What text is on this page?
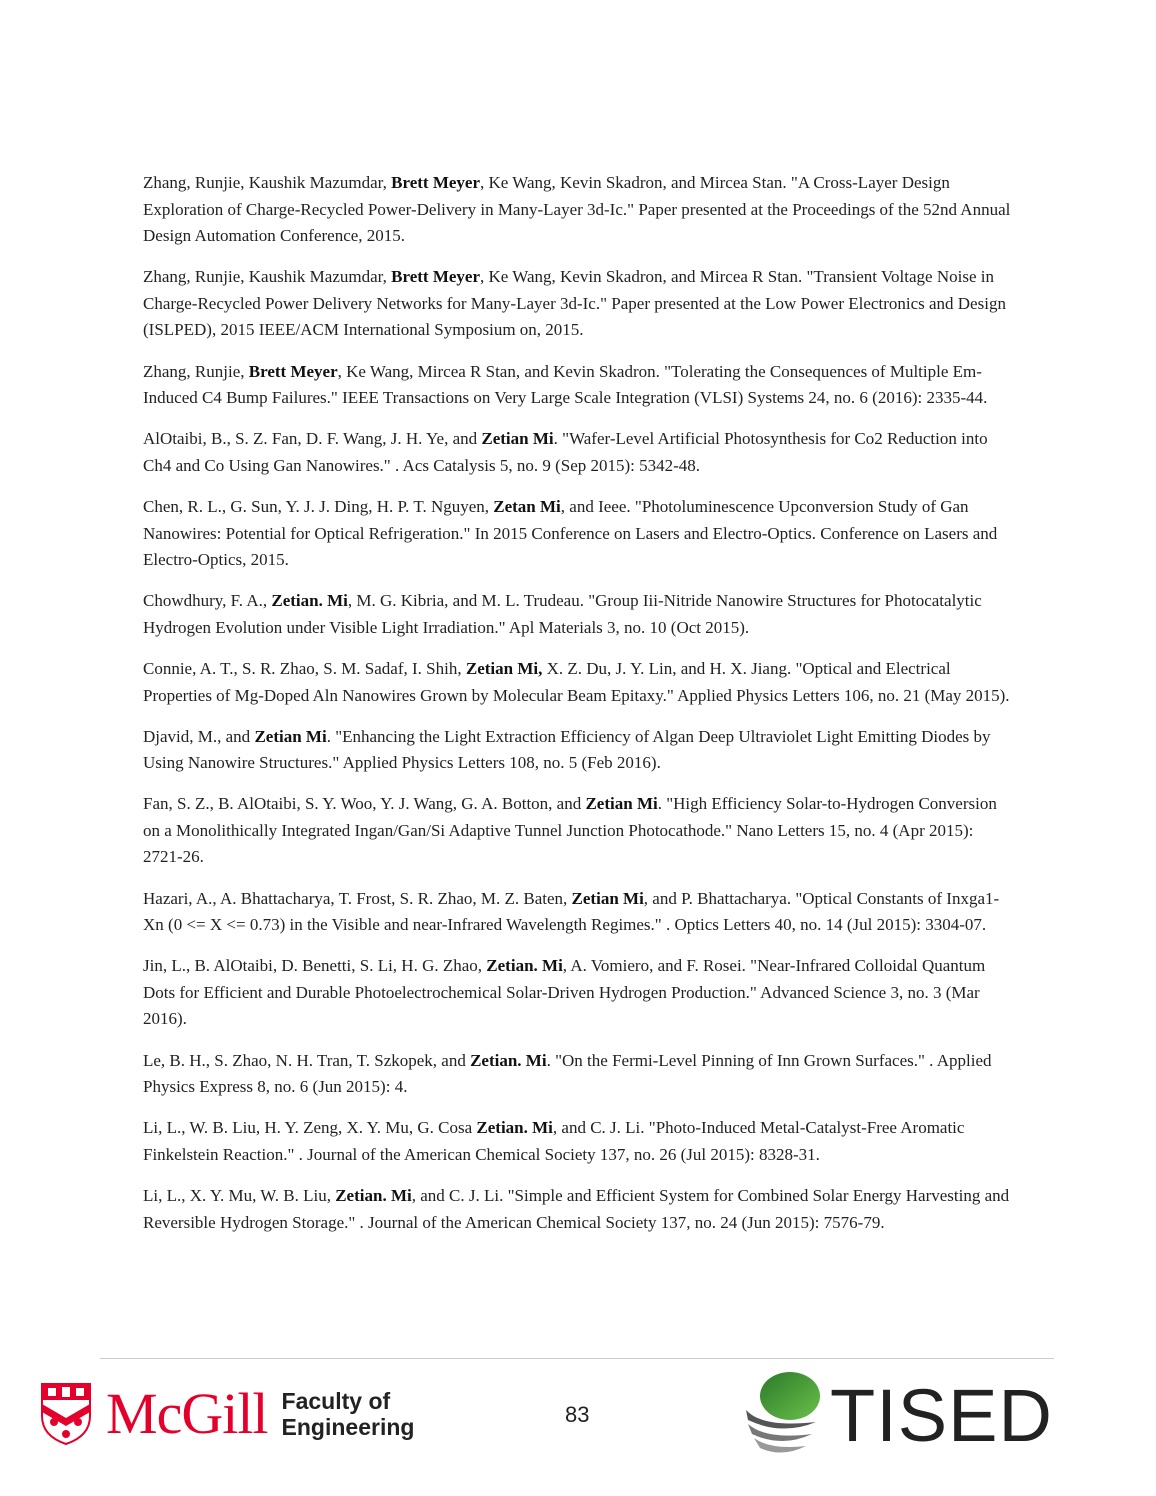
Zhang, Runjie, Kaushik Mazumdar, Brett Meyer, Ke Wang, Kevin Skadron, and Mircea Stan. "A Cross-Layer Design Exploration of Charge-Recycled Power-Delivery in Many-Layer 3d-Ic." Paper presented at the Proceedings of the 52nd Annual Design Automation Conference, 2015.

Zhang, Runjie, Kaushik Mazumdar, Brett Meyer, Ke Wang, Kevin Skadron, and Mircea R Stan. "Transient Voltage Noise in Charge-Recycled Power Delivery Networks for Many-Layer 3d-Ic." Paper presented at the Low Power Electronics and Design (ISLPED), 2015 IEEE/ACM International Symposium on, 2015.

Zhang, Runjie, Brett Meyer, Ke Wang, Mircea R Stan, and Kevin Skadron. "Tolerating the Consequences of Multiple Em-Induced C4 Bump Failures." IEEE Transactions on Very Large Scale Integration (VLSI) Systems 24, no. 6 (2016): 2335-44.

AlOtaibi, B., S. Z. Fan, D. F. Wang, J. H. Ye, and Zetian Mi. "Wafer-Level Artificial Photosynthesis for Co2 Reduction into Ch4 and Co Using Gan Nanowires." . Acs Catalysis 5, no. 9 (Sep 2015): 5342-48.

Chen, R. L., G. Sun, Y. J. J. Ding, H. P. T. Nguyen, Zetan Mi, and Ieee. "Photoluminescence Upconversion Study of Gan Nanowires: Potential for Optical Refrigeration." In 2015 Conference on Lasers and Electro-Optics. Conference on Lasers and Electro-Optics, 2015.

Chowdhury, F. A., Zetian. Mi, M. G. Kibria, and M. L. Trudeau. "Group Iii-Nitride Nanowire Structures for Photocatalytic Hydrogen Evolution under Visible Light Irradiation." Apl Materials 3, no. 10 (Oct 2015).

Connie, A. T., S. R. Zhao, S. M. Sadaf, I. Shih, Zetian Mi, X. Z. Du, J. Y. Lin, and H. X. Jiang. "Optical and Electrical Properties of Mg-Doped Aln Nanowires Grown by Molecular Beam Epitaxy." Applied Physics Letters 106, no. 21 (May 2015).

Djavid, M., and Zetian Mi. "Enhancing the Light Extraction Efficiency of Algan Deep Ultraviolet Light Emitting Diodes by Using Nanowire Structures." Applied Physics Letters 108, no. 5 (Feb 2016).

Fan, S. Z., B. AlOtaibi, S. Y. Woo, Y. J. Wang, G. A. Botton, and Zetian Mi. "High Efficiency Solar-to-Hydrogen Conversion on a Monolithically Integrated Ingan/Gan/Si Adaptive Tunnel Junction Photocathode." Nano Letters 15, no. 4 (Apr 2015): 2721-26.

Hazari, A., A. Bhattacharya, T. Frost, S. R. Zhao, M. Z. Baten, Zetian Mi, and P. Bhattacharya. "Optical Constants of Inxga1-Xn (0 <= X <= 0.73) in the Visible and near-Infrared Wavelength Regimes." . Optics Letters 40, no. 14 (Jul 2015): 3304-07.

Jin, L., B. AlOtaibi, D. Benetti, S. Li, H. G. Zhao, Zetian. Mi, A. Vomiero, and F. Rosei. "Near-Infrared Colloidal Quantum Dots for Efficient and Durable Photoelectrochemical Solar-Driven Hydrogen Production." Advanced Science 3, no. 3 (Mar 2016).

Le, B. H., S. Zhao, N. H. Tran, T. Szkopek, and Zetian. Mi. "On the Fermi-Level Pinning of Inn Grown Surfaces." . Applied Physics Express 8, no. 6 (Jun 2015): 4.

Li, L., W. B. Liu, H. Y. Zeng, X. Y. Mu, G. Cosa Zetian. Mi, and C. J. Li. "Photo-Induced Metal-Catalyst-Free Aromatic Finkelstein Reaction." . Journal of the American Chemical Society 137, no. 26 (Jul 2015): 8328-31.

Li, L., X. Y. Mu, W. B. Liu, Zetian. Mi, and C. J. Li. "Simple and Efficient System for Combined Solar Energy Harvesting and Reversible Hydrogen Storage." . Journal of the American Chemical Society 137, no. 24 (Jun 2015): 7576-79.

McGill Faculty of
Engineering	83	TISED
